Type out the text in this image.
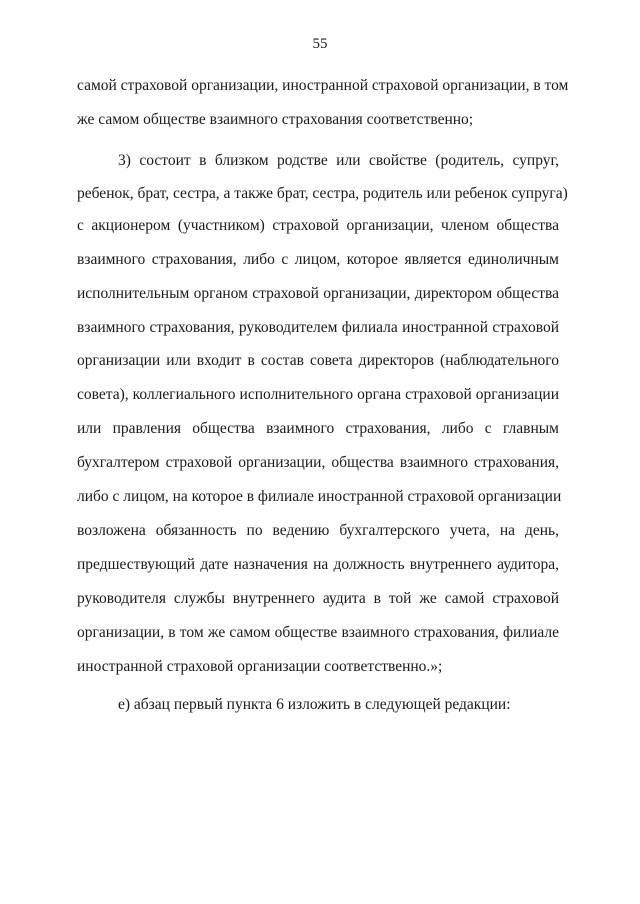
55
самой страховой организации, иностранной страховой организации, в том
же самом обществе взаимного страхования соответственно;
3) состоит в близком родстве или свойстве (родитель, супруг,
ребенок, брат, сестра, а также брат, сестра, родитель или ребенок супруга)
с акционером (участником) страховой организации, членом общества
взаимного страхования, либо с лицом, которое является единоличным
исполнительным органом страховой организации, директором общества
взаимного страхования, руководителем филиала иностранной страховой
организации или входит в состав совета директоров (наблюдательного
совета), коллегиального исполнительного органа страховой организации
или правления общества взаимного страхования, либо с главным
бухгалтером страховой организации, общества взаимного страхования,
либо с лицом, на которое в филиале иностранной страховой организации
возложена обязанность по ведению бухгалтерского учета, на день,
предшествующий дате назначения на должность внутреннего аудитора,
руководителя службы внутреннего аудита в той же самой страховой
организации, в том же самом обществе взаимного страхования, филиале
иностранной страховой организации соответственно.»;
е) абзац первый пункта 6 изложить в следующей редакции:
